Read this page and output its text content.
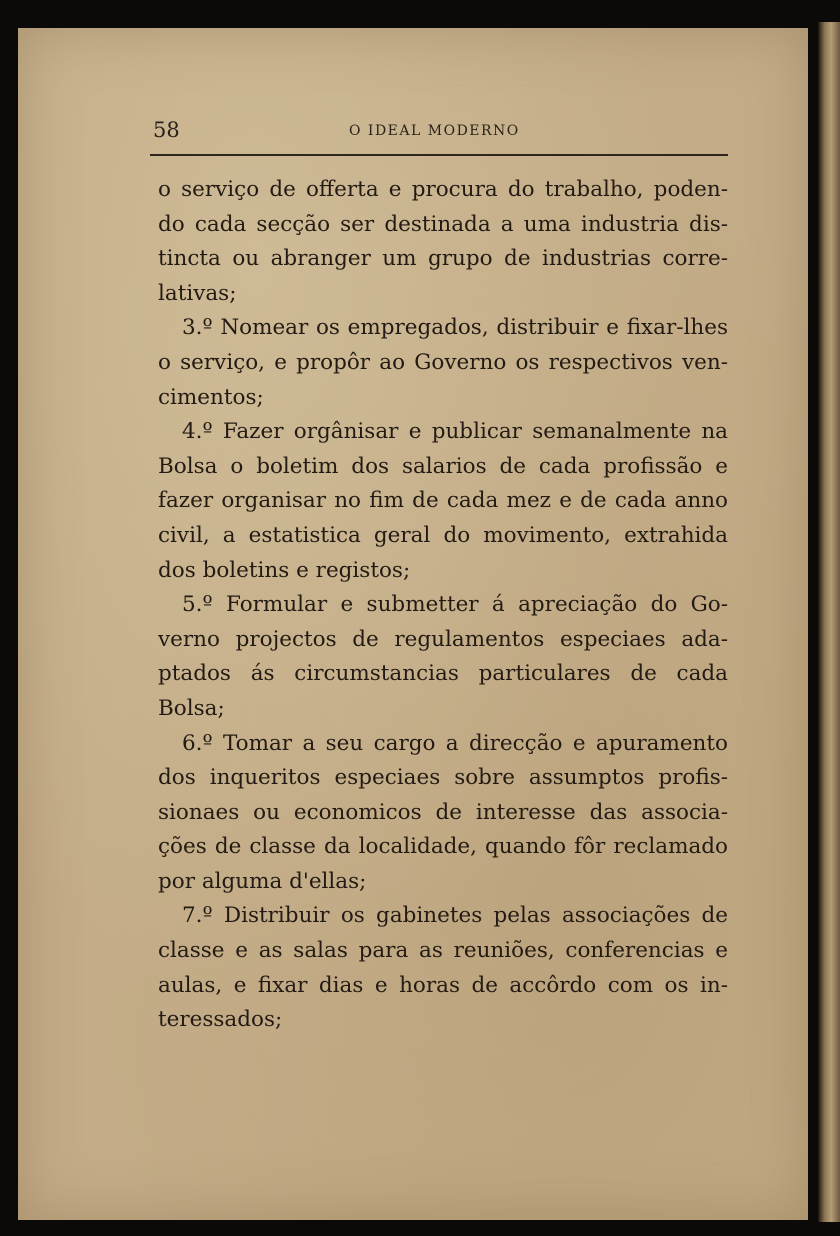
58	O IDEAL MODERNO
o serviço de offerta e procura do trabalho, poden-
do cada secção ser destinada a uma industria dis-
tincta ou abranger um grupo de industrias corre-
lativas;
3.º Nomear os empregados, distribuir e fixar-lhes
o serviço, e propôr ao Governo os respectivos ven-
cimentos;
4.º Fazer orgânisar e publicar semanalmente na
Bolsa o boletim dos salarios de cada profissão e
fazer organisar no fim de cada mez e de cada anno
civil, a estatistica geral do movimento, extrahida
dos boletins e registos;
5.º Formular e submetter á apreciação do Go-
verno projectos de regulamentos especiaes ada-
ptados ás circumstancias particulares de cada
Bolsa;
6.º Tomar a seu cargo a direcção e apuramento
dos inqueritos especiaes sobre assumptos profis-
sionaes ou economicos de interesse das associa-
ções de classe da localidade, quando fôr reclamado
por alguma d'ellas;
7.º Distribuir os gabinetes pelas associações de
classe e as salas para as reuniões, conferencias e
aulas, e fixar dias e horas de accôrdo com os in-
teressados;
